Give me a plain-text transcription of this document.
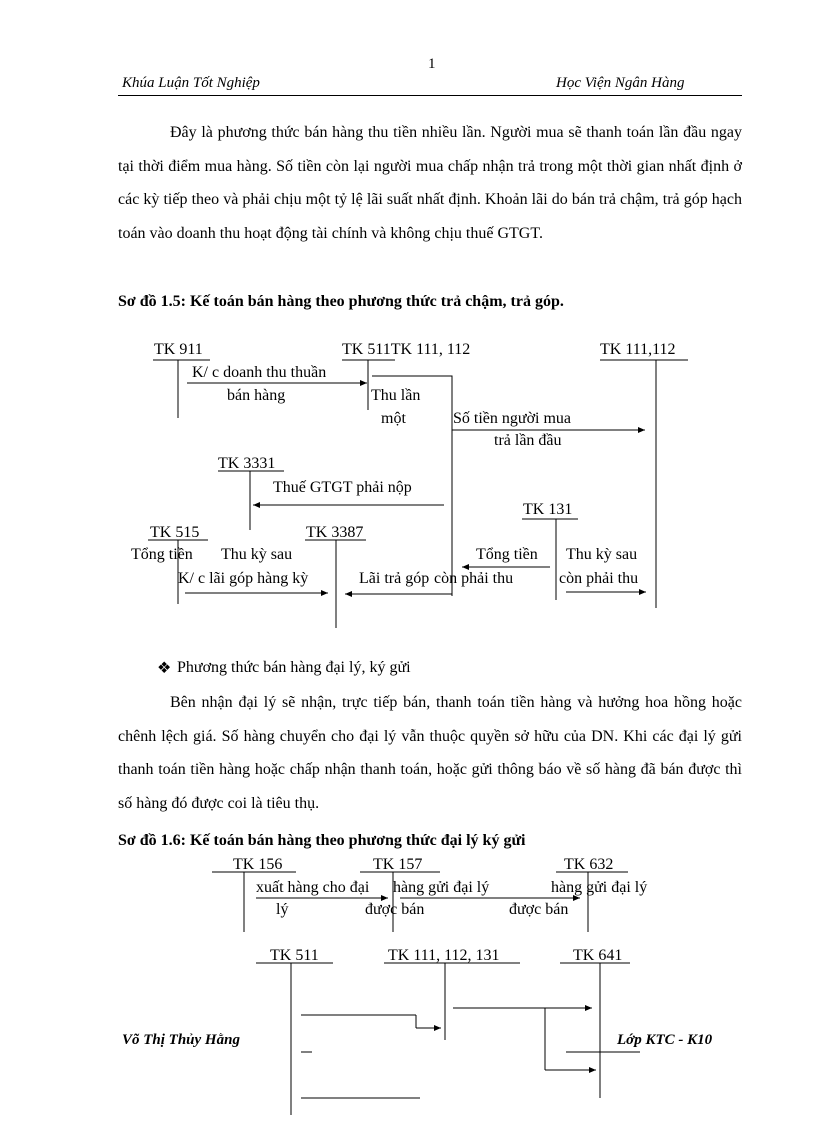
1
Khúa Luận Tốt Nghiệp	Học Viện Ngân Hàng

Đây là phương thức bán hàng thu tiền nhiều lần. Người mua sẽ thanh toán lần đầu ngay tại thời điểm mua hàng. Số tiền còn lại người mua chấp nhận trả trong một thời gian nhất định ở các kỳ tiếp theo và phải chịu một tỷ lệ lãi suất nhất định. Khoản lãi do bán trả chậm, trả góp hạch toán vào doanh thu hoạt động tài chính và không chịu thuế GTGT.

Sơ đồ 1.5: Kế toán bán hàng theo phương thức trả chậm, trả góp.
TK 911	TK 511TK 111, 112	TK 111,112
K/ c doanh thu thuần
bán hàng	Thu lần
một	Số tiền người mua
trả lần đầu
TK 3331
Thuế GTGT phải nộp
TK 131
TK 515	TK 3387
Tổng tiền Thu kỳ sau	Tổng tiền Thu kỳ sau
K/ c lãi góp hàng kỳ	Lãi trả góp còn phải thu	còn phải thu
❖ Phương thức bán hàng đại lý, ký gửi

Bên nhận đại lý sẽ nhận, trực tiếp bán, thanh toán tiền hàng và hưởng hoa hồng hoặc chênh lệch giá. Số hàng chuyển cho đại lý vẫn thuộc quyền sở hữu của DN. Khi các đại lý gửi thanh toán tiền hàng hoặc chấp nhận thanh toán, hoặc gửi thông báo về số hàng đã bán được thì số hàng đó được coi là tiêu thụ.

Sơ đồ 1.6: Kế toán bán hàng theo phương thức đại lý ký gửi
TK 156	TK 157	TK 632
xuất hàng cho đại hàng gửi đại lý	hàng gửi đại lý
lý	được bán	được bán
TK 511	TK 111, 112, 131	TK 641
Võ Thị Thủy Hằng	Lớp KTC - K10
